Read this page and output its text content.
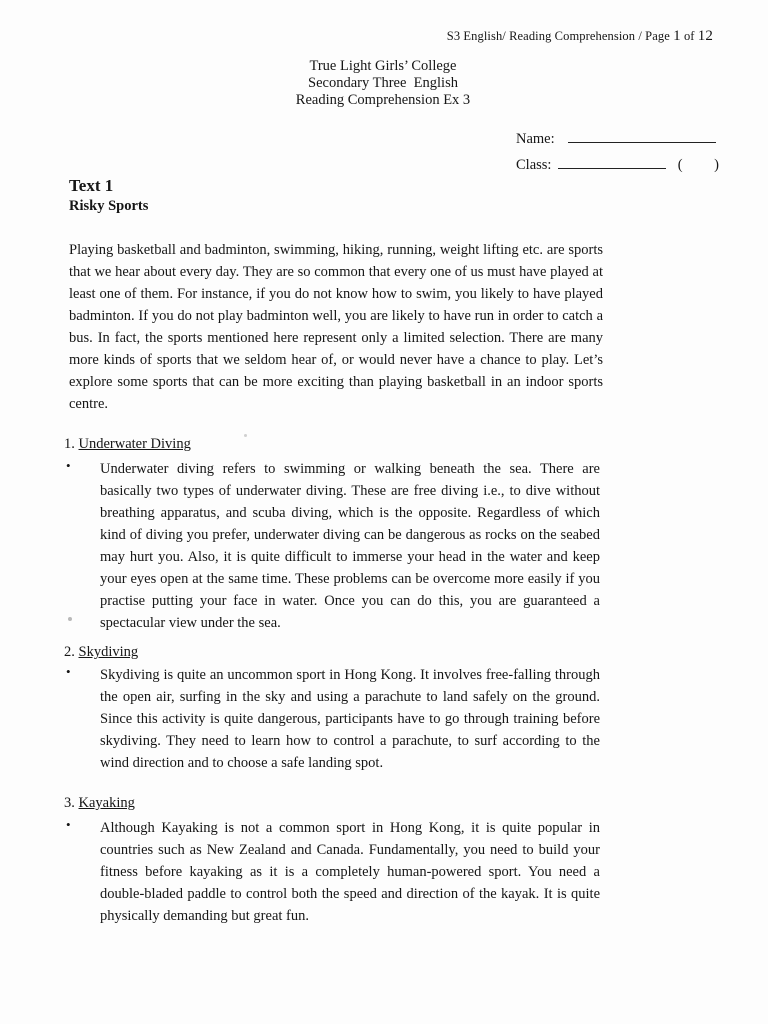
S3 English/ Reading Comprehension / Page 1 of 12
True Light Girls’ College
Secondary Three  English
Reading Comprehension Ex 3
Name:
Class:	( )
Text 1
Risky Sports
Playing basketball and badminton, swimming, hiking, running, weight lifting etc. are sports that we hear about every day. They are so common that every one of us must have played at least one of them. For instance, if you do not know how to swim, you likely to have played badminton. If you do not play badminton well, you are likely to have run in order to catch a bus. In fact, the sports mentioned here represent only a limited selection. There are many more kinds of sports that we seldom hear of, or would never have a chance to play. Let’s explore some sports that can be more exciting than playing basketball in an indoor sports centre.
1. Underwater Diving
• Underwater diving refers to swimming or walking beneath the sea. There are basically two types of underwater diving. These are free diving i.e., to dive without breathing apparatus, and scuba diving, which is the opposite. Regardless of which kind of diving you prefer, underwater diving can be dangerous as rocks on the seabed may hurt you. Also, it is quite difficult to immerse your head in the water and keep your eyes open at the same time. These problems can be overcome more easily if you practise putting your face in water. Once you can do this, you are guaranteed a spectacular view under the sea.
2. Skydiving
• Skydiving is quite an uncommon sport in Hong Kong. It involves free-falling through the open air, surfing in the sky and using a parachute to land safely on the ground. Since this activity is quite dangerous, participants have to go through training before skydiving. They need to learn how to control a parachute, to surf according to the wind direction and to choose a safe landing spot.
3. Kayaking
• Although Kayaking is not a common sport in Hong Kong, it is quite popular in countries such as New Zealand and Canada. Fundamentally, you need to build your fitness before kayaking as it is a completely human-powered sport. You need a double-bladed paddle to control both the speed and direction of the kayak. It is quite physically demanding but great fun.
